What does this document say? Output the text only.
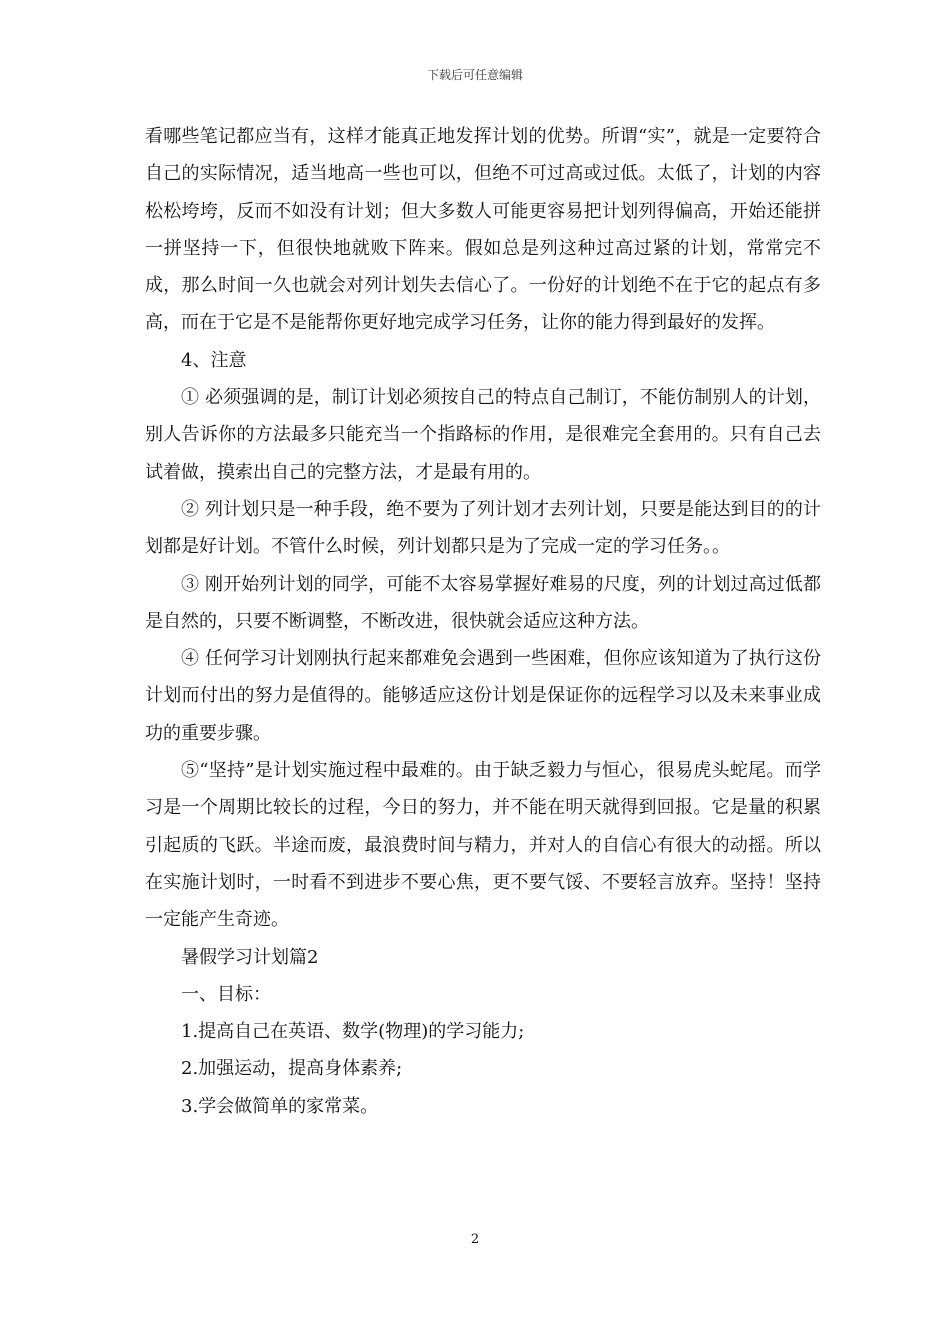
下载后可任意编辑

看哪些笔记都应当有，这样才能真正地发挥计划的优势。所谓“实”，就是一定要符合自己的实际情况，适当地高一些也可以，但绝不可过高或过低。太低了，计划的内容松松垮垮，反而不如没有计划；但大多数人可能更容易把计划列得偏高，开始还能拼一拼坚持一下，但很快地就败下阵来。假如总是列这种过高过紧的计划，常常完不成，那么时间一久也就会对列计划失去信心了。一份好的计划绝不在于它的起点有多高，而在于它是不是能帮你更好地完成学习任务，让你的能力得到最好的发挥。

4、注意

① 必须强调的是，制订计划必须按自己的特点自己制订，不能仿制别人的计划，别人告诉你的方法最多只能充当一个指路标的作用，是很难完全套用的。只有自己去试着做，摸索出自己的完整方法，才是最有用的。

② 列计划只是一种手段，绝不要为了列计划才去列计划，只要是能达到目的的计划都是好计划。不管什么时候，列计划都只是为了完成一定的学习任务。。

③ 刚开始列计划的同学，可能不太容易掌握好难易的尺度，列的计划过高过低都是自然的，只要不断调整，不断改进，很快就会适应这种方法。

④ 任何学习计划刚执行起来都难免会遇到一些困难，但你应该知道为了执行这份计划而付出的努力是值得的。能够适应这份计划是保证你的远程学习以及未来事业成功的重要步骤。

⑤“坚持”是计划实施过程中最难的。由于缺乏毅力与恒心，很易虎头蛇尾。而学习是一个周期比较长的过程，今日的努力，并不能在明天就得到回报。它是量的积累引起质的飞跃。半途而废，最浪费时间与精力，并对人的自信心有很大的动摇。所以在实施计划时，一时看不到进步不要心焦，更不要气馁、不要轻言放弃。坚持！坚持一定能产生奇迹。

暑假学习计划篇2

一、目标：

1.提高自己在英语、数学(物理)的学习能力;

2.加强运动，提高身体素养;

3.学会做简单的家常菜。

2
